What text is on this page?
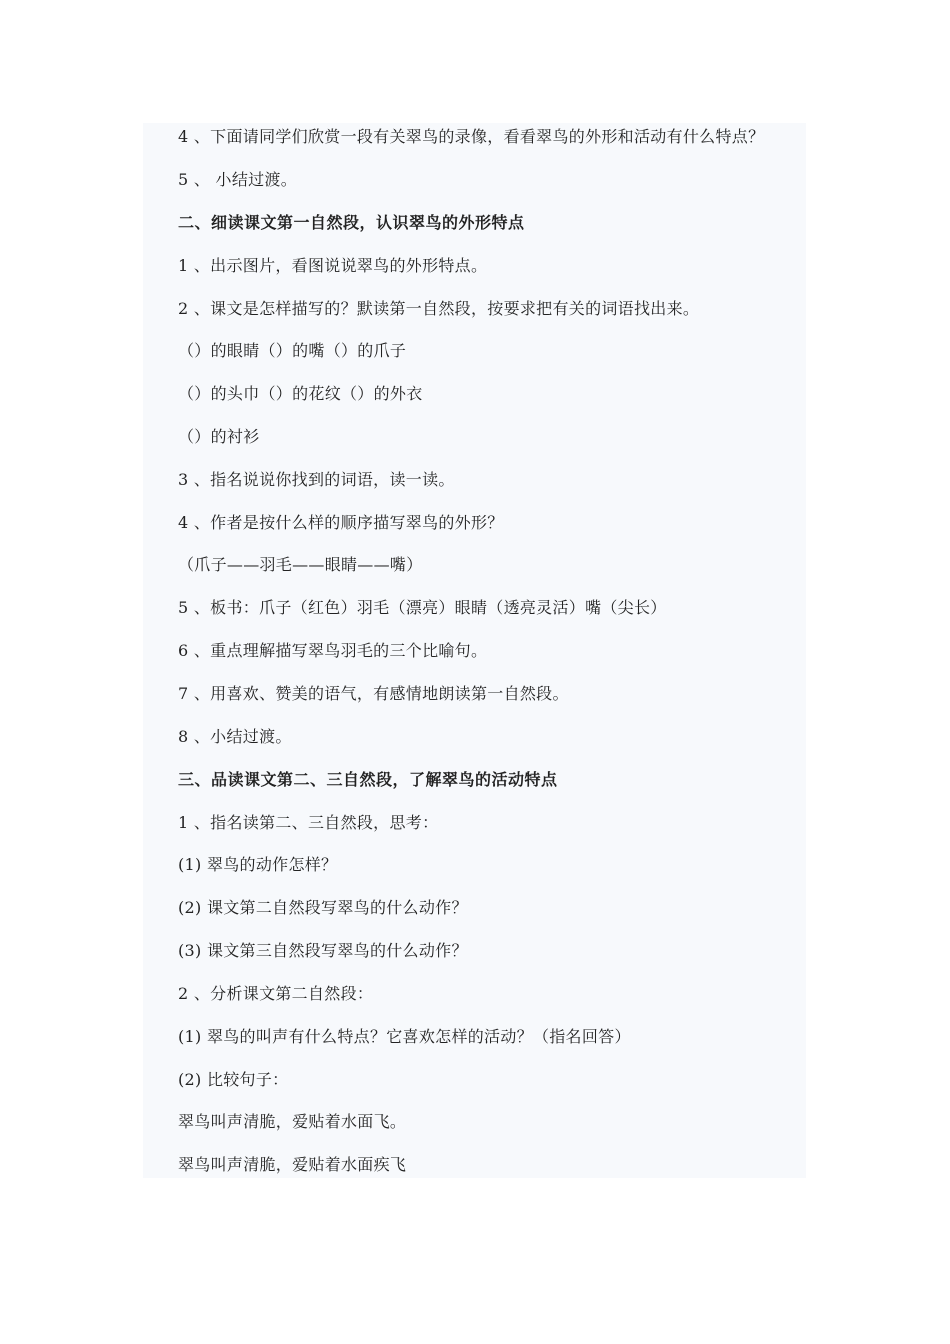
4 、下面请同学们欣赏一段有关翠鸟的录像，看看翠鸟的外形和活动有什么特点？
5 、 小结过渡。
二、细读课文第一自然段，认识翠鸟的外形特点
1 、出示图片，看图说说翠鸟的外形特点。
2 、课文是怎样描写的？默读第一自然段，按要求把有关的词语找出来。
（）的眼睛（）的嘴（）的爪子
（）的头巾（）的花纹（）的外衣
（）的衬衫
3 、指名说说你找到的词语，读一读。
4 、作者是按什么样的顺序描写翠鸟的外形？
（爪子——羽毛——眼睛——嘴）
5 、板书：爪子（红色）羽毛（漂亮）眼睛（透亮灵活）嘴（尖长）
6 、重点理解描写翠鸟羽毛的三个比喻句。
7 、用喜欢、赞美的语气，有感情地朗读第一自然段。
8 、小结过渡。
三、品读课文第二、三自然段，了解翠鸟的活动特点
1 、指名读第二、三自然段，思考：
(1) 翠鸟的动作怎样？
(2) 课文第二自然段写翠鸟的什么动作？
(3) 课文第三自然段写翠鸟的什么动作？
2 、分析课文第二自然段：
(1) 翠鸟的叫声有什么特点？它喜欢怎样的活动？（指名回答）
(2) 比较句子：
翠鸟叫声清脆，爱贴着水面飞。
翠鸟叫声清脆，爱贴着水面疾飞
